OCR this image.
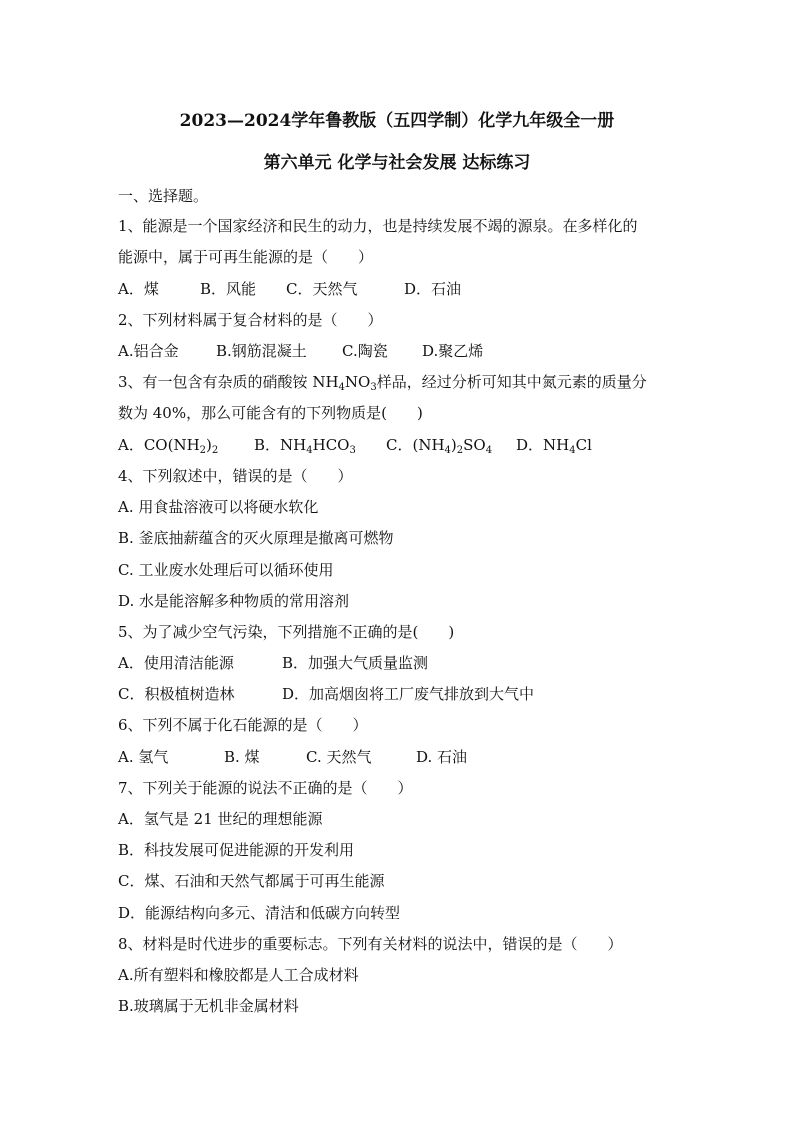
2023—2024学年鲁教版（五四学制）化学九年级全一册
第六单元 化学与社会发展 达标练习
一、选择题。
1、能源是一个国家经济和民生的动力，也是持续发展不竭的源泉。在多样化的
能源中，属于可再生能源的是（　　）
A．煤	B．风能 C．天然气	D．石油
2、下列材料属于复合材料的是（　　）
A.铝合金 B.钢筋混凝土 C.陶瓷 D.聚乙烯
3、有一包含有杂质的硝酸铵 $NH_4NO_3$样品，经过分析可知其中氮元素的质量分
数为 40%，那么可能含有的下列物质是(　　)
A．$CO(NH_2)_2$ B．$NH_4HCO_3$ C．$(NH_4)_2SO_4$ D．$NH_4Cl$
4、下列叙述中，错误的是（　　）
A. 用食盐溶液可以将硬水软化
B. 釜底抽薪蕴含的灭火原理是撤离可燃物
C. 工业废水处理后可以循环使用
D. 水是能溶解多种物质的常用溶剂
5、为了减少空气污染，下列措施不正确的是(　　)
A．使用清洁能源	B．加强大气质量监测
C．积极植树造林	D．加高烟囱将工厂废气排放到大气中
6、下列不属于化石能源的是（　　）
A. 氢气	B. 煤	C. 天然气	D. 石油
7、下列关于能源的说法不正确的是（　　）
A．氢气是 21 世纪的理想能源
B．科技发展可促进能源的开发利用
C．煤、石油和天然气都属于可再生能源
D．能源结构向多元、清洁和低碳方向转型
8、材料是时代进步的重要标志。下列有关材料的说法中，错误的是（　　）
A.所有塑料和橡胶都是人工合成材料
B.玻璃属于无机非金属材料
